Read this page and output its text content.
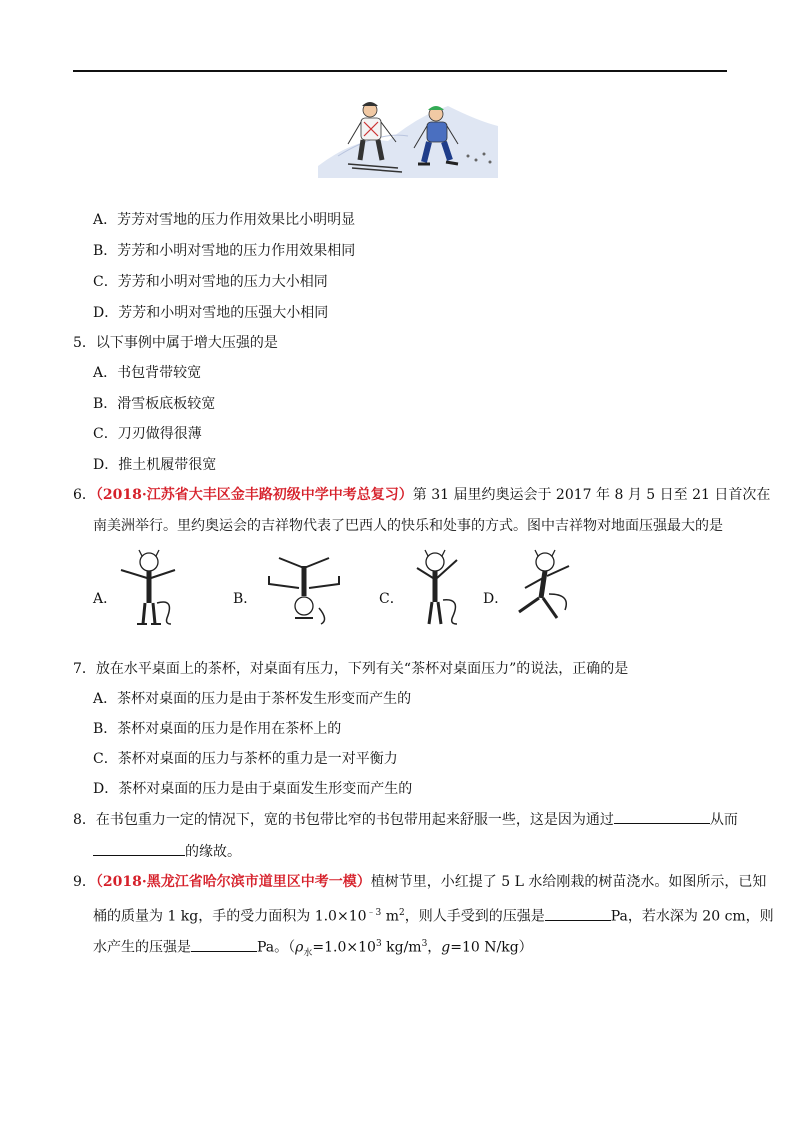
A．芳芳对雪地的压力作用效果比小明明显
B．芳芳和小明对雪地的压力作用效果相同
C．芳芳和小明对雪地的压力大小相同
D．芳芳和小明对雪地的压强大小相同
5．以下事例中属于增大压强的是
A．书包背带较宽
B．滑雪板底板较宽
C．刀刃做得很薄
D．推土机履带很宽
6．（2018·江苏省大丰区金丰路初级中学中考总复习）第 31 届里约奥运会于 2017 年 8 月 5 日至 21 日首次在
南美洲举行。里约奥运会的吉祥物代表了巴西人的快乐和处事的方式。图中吉祥物对地面压强最大的是
A．	B．	C．	D．
7．放在水平桌面上的茶杯，对桌面有压力，下列有关“茶杯对桌面压力”的说法，正确的是
A．茶杯对桌面的压力是由于茶杯发生形变而产生的
B．茶杯对桌面的压力是作用在茶杯上的
C．茶杯对桌面的压力与茶杯的重力是一对平衡力
D．茶杯对桌面的压力是由于桌面发生形变而产生的
8．在书包重力一定的情况下，宽的书包带比窄的书包带用起来舒服一些，这是因为通过	从而
的缘故。
9．（2018·黑龙江省哈尔滨市道里区中考一模）植树节里，小红提了 5 L 水给刚栽的树苗浇水。如图所示，已知
桶的质量为 1 kg，手的受力面积为 $1.0\times 10^{﹣3}$ $m^2$，则人手受到的压强是	Pa，若水深为 20 cm，则
水产生的压强是	Pa。（$\rho_水=1.0\times 10^3$ $kg/m^3$，g=10 N/kg）
